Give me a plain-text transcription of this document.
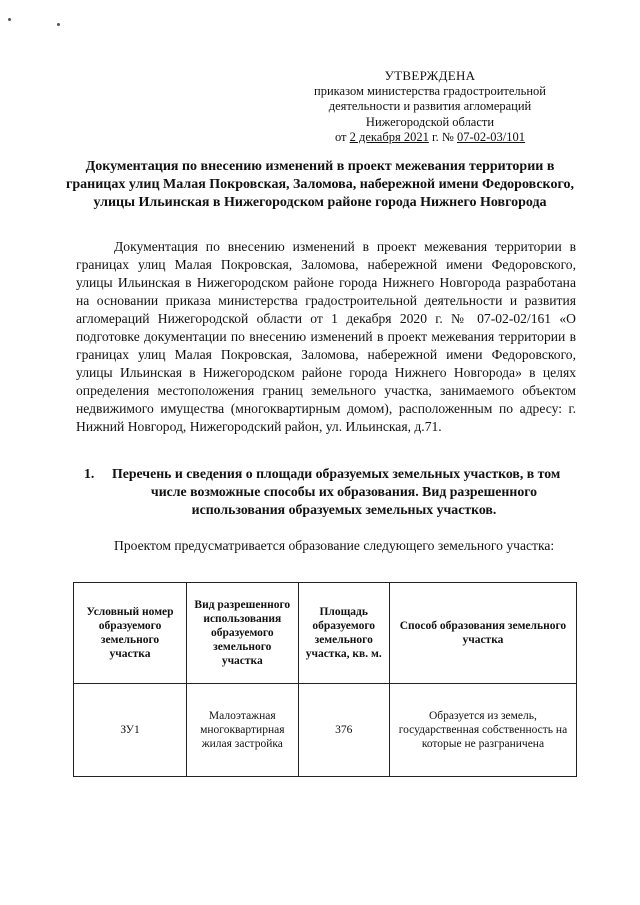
УТВЕРЖДЕНА
приказом министерства градостроительной
деятельности и развития агломераций
Нижегородской области
от 2 декабря 2021 г. № 07-02-03/101
Документация по внесению изменений в проект межевания территории в границах улиц Малая Покровская, Заломова, набережной имени Федоровского, улицы Ильинская в Нижегородском районе города Нижнего Новгорода
Документация по внесению изменений в проект межевания территории в границах улиц Малая Покровская, Заломова, набережной имени Федоровского, улицы Ильинская в Нижегородском районе города Нижнего Новгорода разработана на основании приказа министерства градостроительной деятельности и развития агломераций Нижегородской области от 1 декабря 2020 г. № 07-02-02/161 «О подготовке документации по внесению изменений в проект межевания территории в границах улиц Малая Покровская, Заломова, набережной имени Федоровского, улицы Ильинская в Нижегородском районе города Нижнего Новгорода» в целях определения местоположения границ земельного участка, занимаемого объектом недвижимого имущества (многоквартирным домом), расположенным по адресу: г. Нижний Новгород, Нижегородский район, ул. Ильинская, д.71.
1.	Перечень и сведения о площади образуемых земельных участков, в том
числе возможные способы их образования. Вид разрешенного
использования образуемых земельных участков.
Проектом предусматривается образование следующего земельного участка:
Условный номер образуемого земельного участка	Вид разрешенного использования образуемого земельного участка	Площадь образуемого земельного участка, кв. м.	Способ образования земельного участка
ЗУ1	Малоэтажная многоквартирная жилая застройка	376	Образуется из земель, государственная собственность на которые не разграничена
